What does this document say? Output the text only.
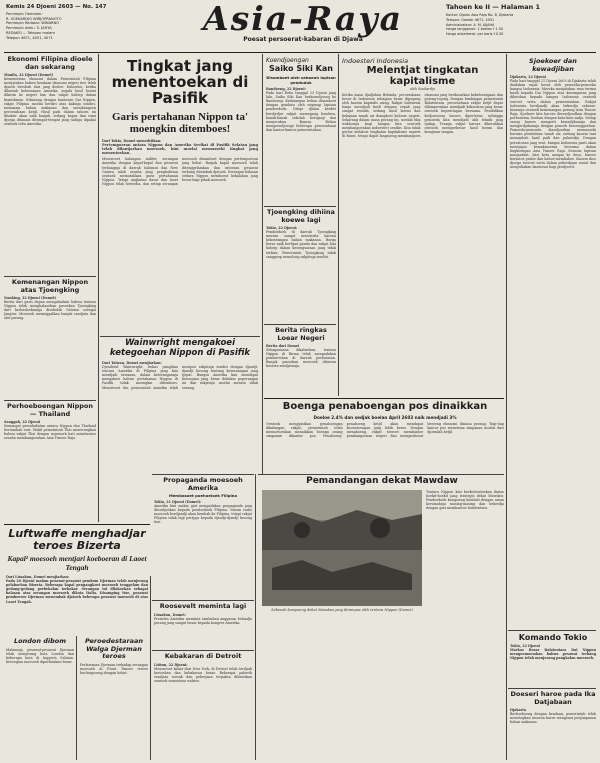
Kemis 24 Djoeni 2603 — No. 147
Pemimpin Oemoem:
R. SOEKARDJO WIRJOPRANOTO
Pemimpin Redaksi: WINARNO
Pemimpin Adm.: S. JAHYA
REDAKSI — Telepon malam
Telepon 4671, 4051, 4071	Asia-Raya
Poesat persoerat-kabaran di Djawa
Tahoen ke II — Halaman 1
Kantor: Djalan Asia Raja No. 8, Djakarta
Telepon: Gambir 4671, 4051
Administrateur: A. M. JAJAHA
Harga langganan: 1 boelan f 1.50
Harga advertensi: per baris f 0.30
Ekonomi Filipina dioele dan sekarang
Manila, 22 Djoeni (Domei)
Kementerian ekonomi dalam Pemerintah Filipina menjatakan bahwa keadaan ekonomi negeri itoe telah djaoeh berobah dari jang doeloe. Dahoeloe, ketika dibawah kekoeasaan Amerika, segala hasil boemi dikirim ke negeri lain dan rakjat hidoep dalam kemiskinan. Sekarang dengan bantoean Dai Nippon, rakjat Filipina moelai berdiri atas kakinja sendiri, menanam bahan makanan dan membangoen peroesahaan ketjil. Hasil padi dalam tahoen ini ditaksir akan naik banjak, sedang kapas dan rami djoega ditanam ditempat-tempat jang tadinja dipakai oentoek tebu Amerika.
Kemenangan Nippon atas Tjoengking
Nanking, 22 Djoeni (Domei)
Berita dari garis depan mengabarkan bahwa tentara Nippon telah menghalaoekan pasoekan Tjoengking dari kedoedoekannja disebelah Selatan soengai Jangtse. Moesoeh meninggalkan banjak sendjata dan alat perang.
Perhoeboengan Nippon — Thailand
Sanggah, 22 Djoeni
Semangat persahabatan antara Nippon dan Thailand bertambah erat. Wakil pemerintah Thai menerangkan bahwa rakjat Thai dengan sepenoeh hati membantoe oesaha membangoenkan Asia Timoer Raja.
Tingkat jang menentoekan di Pasifik
Garis pertahanan Nippon ta' moengkin ditemboes!
Dari Tokio, Domei menerbitkan:
Pertempoeran antara Nippon dan Amerika Serikat di Pasifik Selatan jang telah dilantjarkan moesoeh, kini moelai memasoeki tingkat jang menentoekan.
Menoeroet kalangan militer, serangan Amerika dengan kapal-kapal dan pesawat terbangnja di daerah Salomon dan New Guinea ialah oesaha jang penghabisan oentoek mematahkan garis pertahanan Nippon. Tetapi angkatan darat dan laoet Nippon telah bersedia, dan setiap serangan moesoeh disamboet dengan pertempoeran jang hebat. Banjak kapal moesoeh telah ditenggelamkan dan ratoesan pesawat terbang ditembak djatoeh. Serangan balasan oedara Nippon memboeat kekalahan jang besar bagi pihak moesoeh.
Wainwright mengakoei ketegoehan Nippon di Pasifik
Dari Taiwan, Domei menjiarkan:
Djenderal Wainwright, bekas panglima tentara Amerika di Filipina jang kini mendjadi tawanan, dalam keterangannja mengakoei bahwa pertahanan Nippon di Pasifik tidak moengkin ditemboes. Menoeroet dia, pemerintah Amerika telah menipoe rakjatnja sendiri dengan djandji-djandji kosong tentang kemenangan jang tjepat. Bangsa Amerika kini mendapat keroegian jang besar didalam peperangan ini dan rakjatnja moelai merasa tidak senang.
Koendjoengan
Saiko Siki Kan
Disamboet oleh seboeah lapisan penduduk
Bandoeng, 22 Djoeni:
Pada hari Rebo tanggal 23 Djoeni jang lalu, Saiko Siki Kan berkoendjoeng ke Bandoeng. Kedatangan beliau disamboet dengan gembira oleh segenap lapisan pendoedoek. Ditepi djalan berdiri berdjedjer rakjat memegang bendera, kanak-kanak sekolah bernjanji dan menjerukan Banzai. Beliau mengoendjoengi beberapa peroesahaan dan kantor-kantor pemerintahan.
Tjoengking dihiina koewe lagi
Tokio, 22 Djoeni:
Pendoedoek di daerah Tjoengking merasa sangat menderita karena kekoerangan bahan makanan. Harga beras naik berlipat ganda dan rakjat kini hidoep dalam kesengsaraan jang tidak terkira. Pemerintah Tjoengking tidak sanggoep menolong rakjatnja sendiri.
Berita ringkas Loear Negeri
Berita dari Domei
Sebagaimana dikabarkan, tentara Nippon di Birma telah mengadakan pembersihan di daerah perbatasan. Banjak pasoekan moesoeh ditawan beserta sendjatanja.
Indoesteri Indonesia
Melentjat tingkatan kapitalisme
oleh Soekardjo
Ketika masa djadjahan Belanda, peroesahaan besar di Indonesia sebagian besar dipegang oleh kaoem kapitalis asing. Rakjat Indonesia hanja mendjadi koeli dengan oepah jang sangat rendah, sedang hasil boemi dan kekajaan tanah air diangkoet keloear negeri. Sekarang dalam masa perang ini, soedah tiba waktoenja bagi bangsa kita oentoek membangoenkan indoesteri sendiri. Kita tidak perloe melaloei tingkatan kapitalisme seperti di Barat, tetapi dapat langsoeng membangoen ekonomi jang berdasarkan kekeloeargaan dan gotong-rojong. Dengan bimbingan pemerintah Balatentara, peroesahaan rakjat ketjil dapat dihimpoenkan mendjadi kekoeatan jang besar oentoek kepentingan bersama. Pendidikan kedjoeroean haroes diperloeas, sehingga pemoeda kita mendjadi ahli teknik jang tjakap. Tenaga rakjat haroes dikerahkan oentoek memperbesar hasil boemi dan kerajinan tangan.
Boenga penaboengan pos dinaikkan
Doeloe 2.4% dan sedjak boelan April 2603 naik mendjadi 3%
Oentoek menggiatkan penaboengan dikalangan rakjat, pemerintah telah memoetoeskan menaikkan boenga oeang simpanan dikantor pos. Penaboeng-penaboeng ketjil akan mendapat keoentoengan jang lebih besar. Dengan menaboeng, rakjat toeroet membantoe pembangoenan negeri dan memperkoeat benteng ekonomi dimasa perang. Tiap-tiap kantor pos menerima simpanan moelai dari djoemlah ketjil.
Pemandangan dekat Mawdaw
Tentara Nippon kini berkedoedoekan diatas boekit-boekit jang strategis dekat Mawdaw. Pendoedoek kampoeng kembali dengan aman kerumahnja masing-masing dan bekerdja dengan giat membantoe balatentara.
Seboeah kampoeng dekat Mawdaw jang dirampas oleh tentara Nippon (Domei)
Propaganda moesoeh Amerika
Membasoet poehoeloek Filipina
Tokio, 21 Djoeni (Domei):
Amerika kini makin giat mengadakan propaganda jang ditoedjoekan kepada pendoedoek Filipina. Siaran radio moesoeh berdjandji akan kembali ke Filipina, tetapi rakjat Filipina tidak lagi pertjaja kepada djandji-djandji kosong itoe.
Roosevelt meminta lagi
Lissabon, Domei:
Presiden Amerika meminta tambahan anggaran belandja perang jang sangat besar kepada kongres Amerika.
Kebakaran di Detroit
Lisbon, 22 Djoeni:
Menoeroet kabar dari New York, di Detroit telah terdjadi kerioehan dan kebakaran besar. Beberapa paberik sendjata roesak dan pekerjaan terpaksa dihentikan oentoek sementara waktoe.
Luftwaffe menghadjar teroes Bizerta
Kapal² moesoeh mentjari koeboeran di Laoet Tengah
Dari Lissabon, Domei menjiarkan:
Pada 20 Djoeni malam pesawat-pesawat pembom Djerman telah menjerang pelaboehan Bizerta. Beberapa kapal pengangkoet moesoeh tenggelam dan gedang-gedang perbekalan terbakar. Serangan ini dilakoekan sebagai balasan atas serangan moesoeh dikota Italia. Disamping itoe, pesawat pemboeroe Djerman menembak djatoeh beberapa pesawat moesoeh di atas Laoet Tengah.
London dibom
Malamnja, pesawat-pesawat Djerman telah menjerang kota London dan beberapa kota di Inggeris Selatan. Keroegian moesoeh diperkirakan besar.
Peroedestaraan Walga Djerman teroes
Perlawanan Djerman terhadap serangan moesoeh di Front Timoer teroes berlangsoeng dengan hebat.
Sjoekoer dan kewadjiban
Djakarta, 22 Djoeni
Pada hari tanggal 21 Djoeni 2603 di Djakarta telah diadakan rapat besar oleh pemoeka-pemoeka bangsa Indonesia. Mereka menjatakan rasa terima kasih kepada Dai Nippon atas kesempatan jang diberikan kepada bangsa Indonesia oentoek toeroet serta dalam pemerintahan. Rakjat Indonesia berdjandji akan bekerdja sekeras-kerasnja oentoek kemenangan perang Asia Timoer Raja. Sjoekoer kita haroes diwoedjoedkan dengan perboeatan, boekan dengan kata-kata sadja. Setiap orang haroes mengerti kewadjibannja dan mengerdjakannja dengan penoeh kesoenggoehan. Pemoeda-pemoeda diandjoerkan memasoeki barisan pembelaan tanah air, sedang kaoem tani menambah hasil padi dan palawidja. Dengan persatoean jang erat, bangsa Indonesia pasti akan mentjapai kemakmoeran bersama dalam lingkoengan Asia Timoer Raja. Semoea lapisan masjarakat, dari kota sampai ke desa, haroes bersatoe padoe dan bahoe-membahoe. Kaoem iboe djoega toeroet serta dalam pekerdjaan sosial dan menjediakan bantoean bagi pradjoerit.
Komando Tokio
Tokio, 22 Djoeni
Markas Besar Balatentara Dai Nippon mengoemoemkan bahwa pesawat terbang Nippon telah menjerang pangkalan moesoeh.
Doeseri haroe pada Ika Datjabaan
Djakarta
Berhoeboeng dengan keadaan, pemerintah telah menetapkan atoeran baroe mengenai penjimpanan bahan makanan.
